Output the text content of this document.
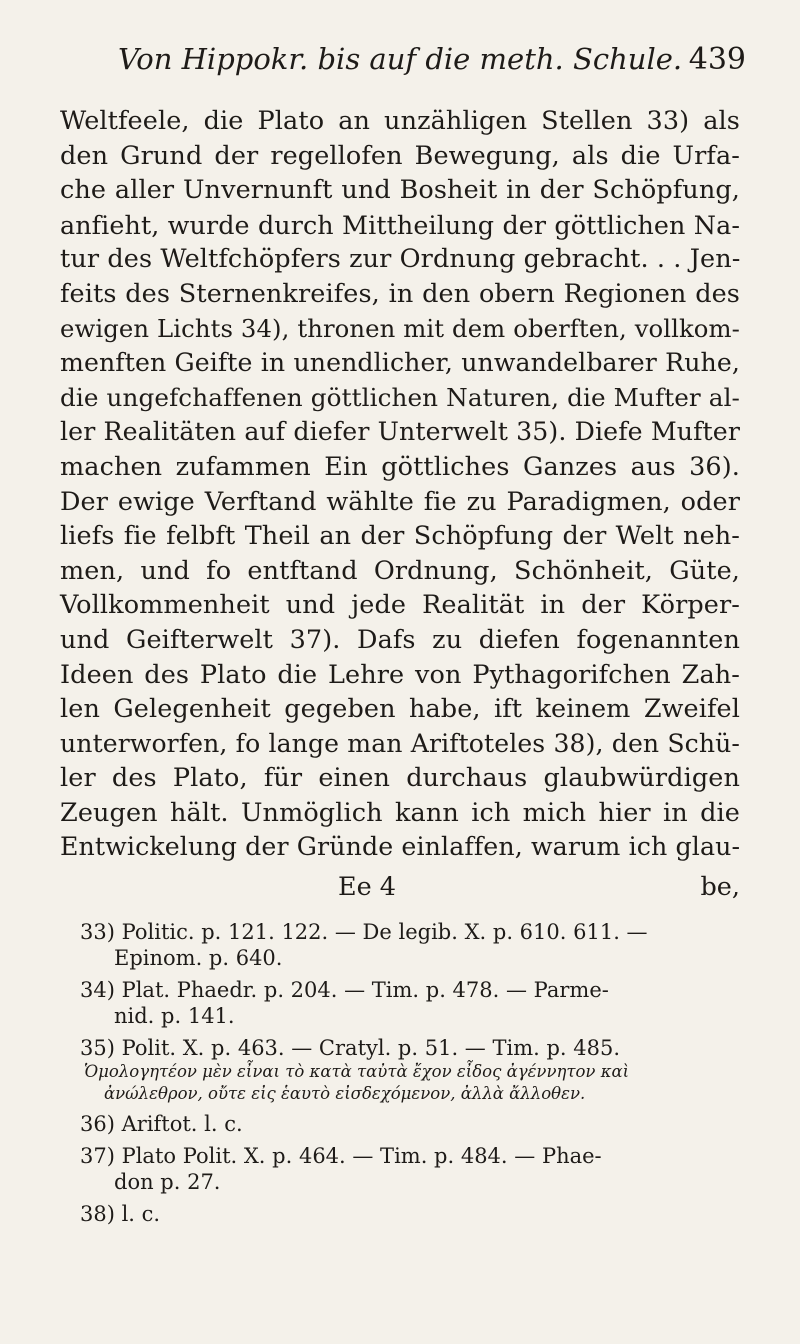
Von Hippokr. bis auf die meth. Schule. 439
Weltfeele, die Plato an unzähligen Stellen 33) als
den Grund der regellofen Bewegung, als die Urfa-
che aller Unvernunft und Bosheit in der Schöpfung,
anfieht, wurde durch Mittheilung der göttlichen Na-
tur des Weltfchöpfers zur Ordnung gebracht. . . Jen-
feits des Sternenkreifes, in den obern Regionen des
ewigen Lichts 34), thronen mit dem oberften, vollkom-
menften Geifte in unendlicher, unwandelbarer Ruhe,
die ungefchaffenen göttlichen Naturen, die Mufter al-
ler Realitäten auf diefer Unterwelt 35). Diefe Mufter
machen zufammen Ein göttliches Ganzes aus 36).
Der ewige Verftand wählte fie zu Paradigmen, oder
liefs fie felbft Theil an der Schöpfung der Welt neh-
men, und fo entftand Ordnung, Schönheit, Güte,
Vollkommenheit und jede Realität in der Körper-
und Geifterwelt 37). Dafs zu diefen fogenannten
Ideen des Plato die Lehre von Pythagorifchen Zah-
len Gelegenheit gegeben habe, ift keinem Zweifel
unterworfen, fo lange man Ariftoteles 38), den Schü-
ler des Plato, für einen durchaus glaubwürdigen
Zeugen hält. Unmöglich kann ich mich hier in die
Entwickelung der Gründe einlaffen, warum ich glau-
Ee 4	be,
33) Politic. p. 121. 122. — De legib. X. p. 610. 611. —
Epinom. p. 640.
34) Plat. Phaedr. p. 204. — Tim. p. 478. — Parme-
nid. p. 141.
35) Polit. X. p. 463. — Cratyl. p. 51. — Tim. p. 485.
Ὁμολογητέον μὲν εἶναι τὸ κατὰ ταὐτὰ ἔχον εἶδος ἀγέννητον καὶ
ἀνώλεθρον, οὔτε εἰς ἑαυτὸ εἰσδεχόμενον, ἀλλὰ ἄλλοθεν.
36) Ariftot. l. c.
37) Plato Polit. X. p. 464. — Tim. p. 484. — Phae-
don p. 27.
38) l. c.
